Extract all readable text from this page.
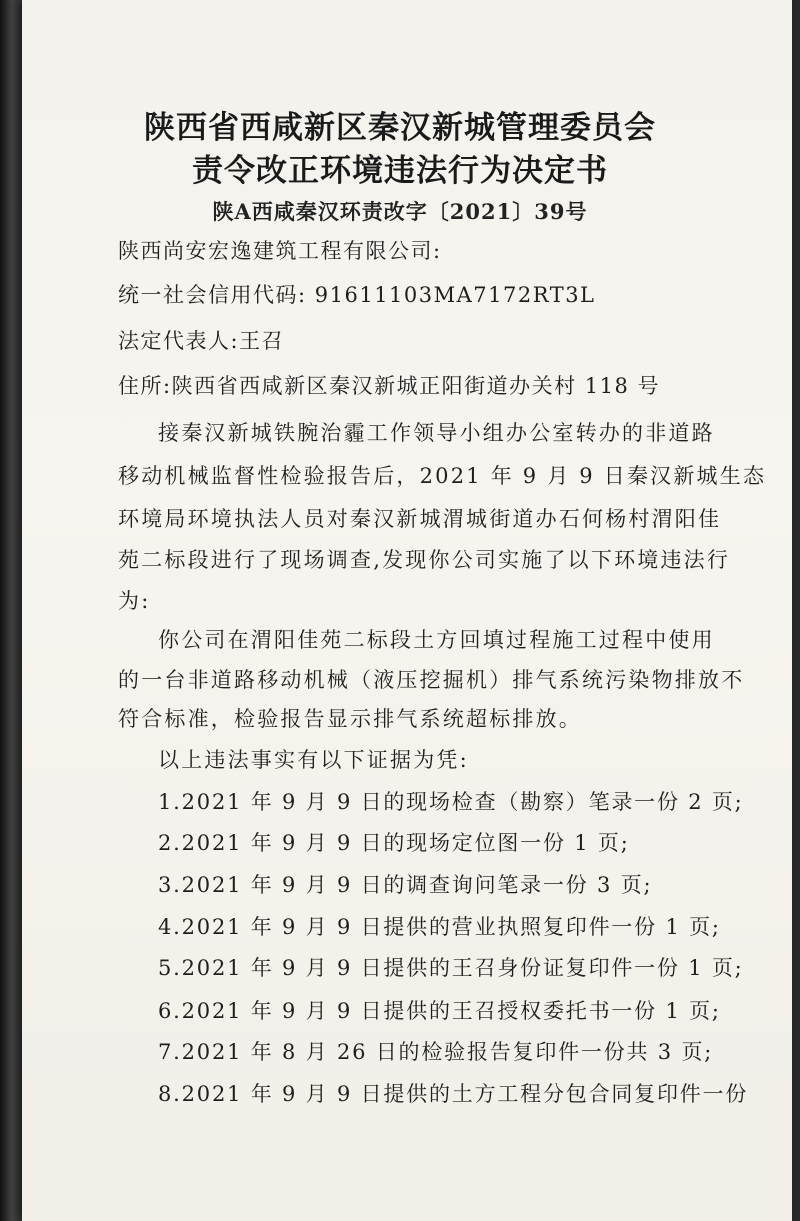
陕西省西咸新区秦汉新城管理委员会
责令改正环境违法行为决定书
陕A西咸秦汉环责改字〔2021〕39号
陕西尚安宏逸建筑工程有限公司:
统一社会信用代码: 91611103MA7172RT3L
法定代表人:王召
住所:陕西省西咸新区秦汉新城正阳街道办关村 118 号
接秦汉新城铁腕治霾工作领导小组办公室转办的非道路
移动机械监督性检验报告后，2021 年 9 月 9 日秦汉新城生态
环境局环境执法人员对秦汉新城渭城街道办石何杨村渭阳佳
苑二标段进行了现场调查,发现你公司实施了以下环境违法行
为:
你公司在渭阳佳苑二标段土方回填过程施工过程中使用
的一台非道路移动机械（液压挖掘机）排气系统污染物排放不
符合标准，检验报告显示排气系统超标排放。
以上违法事实有以下证据为凭:
1.2021 年 9 月 9 日的现场检查（勘察）笔录一份 2 页;
2.2021 年 9 月 9 日的现场定位图一份 1 页;
3.2021 年 9 月 9 日的调查询问笔录一份 3 页;
4.2021 年 9 月 9 日提供的营业执照复印件一份 1 页;
5.2021 年 9 月 9 日提供的王召身份证复印件一份 1 页;
6.2021 年 9 月 9 日提供的王召授权委托书一份 1 页;
7.2021 年 8 月 26 日的检验报告复印件一份共 3 页;
8.2021 年 9 月 9 日提供的土方工程分包合同复印件一份
